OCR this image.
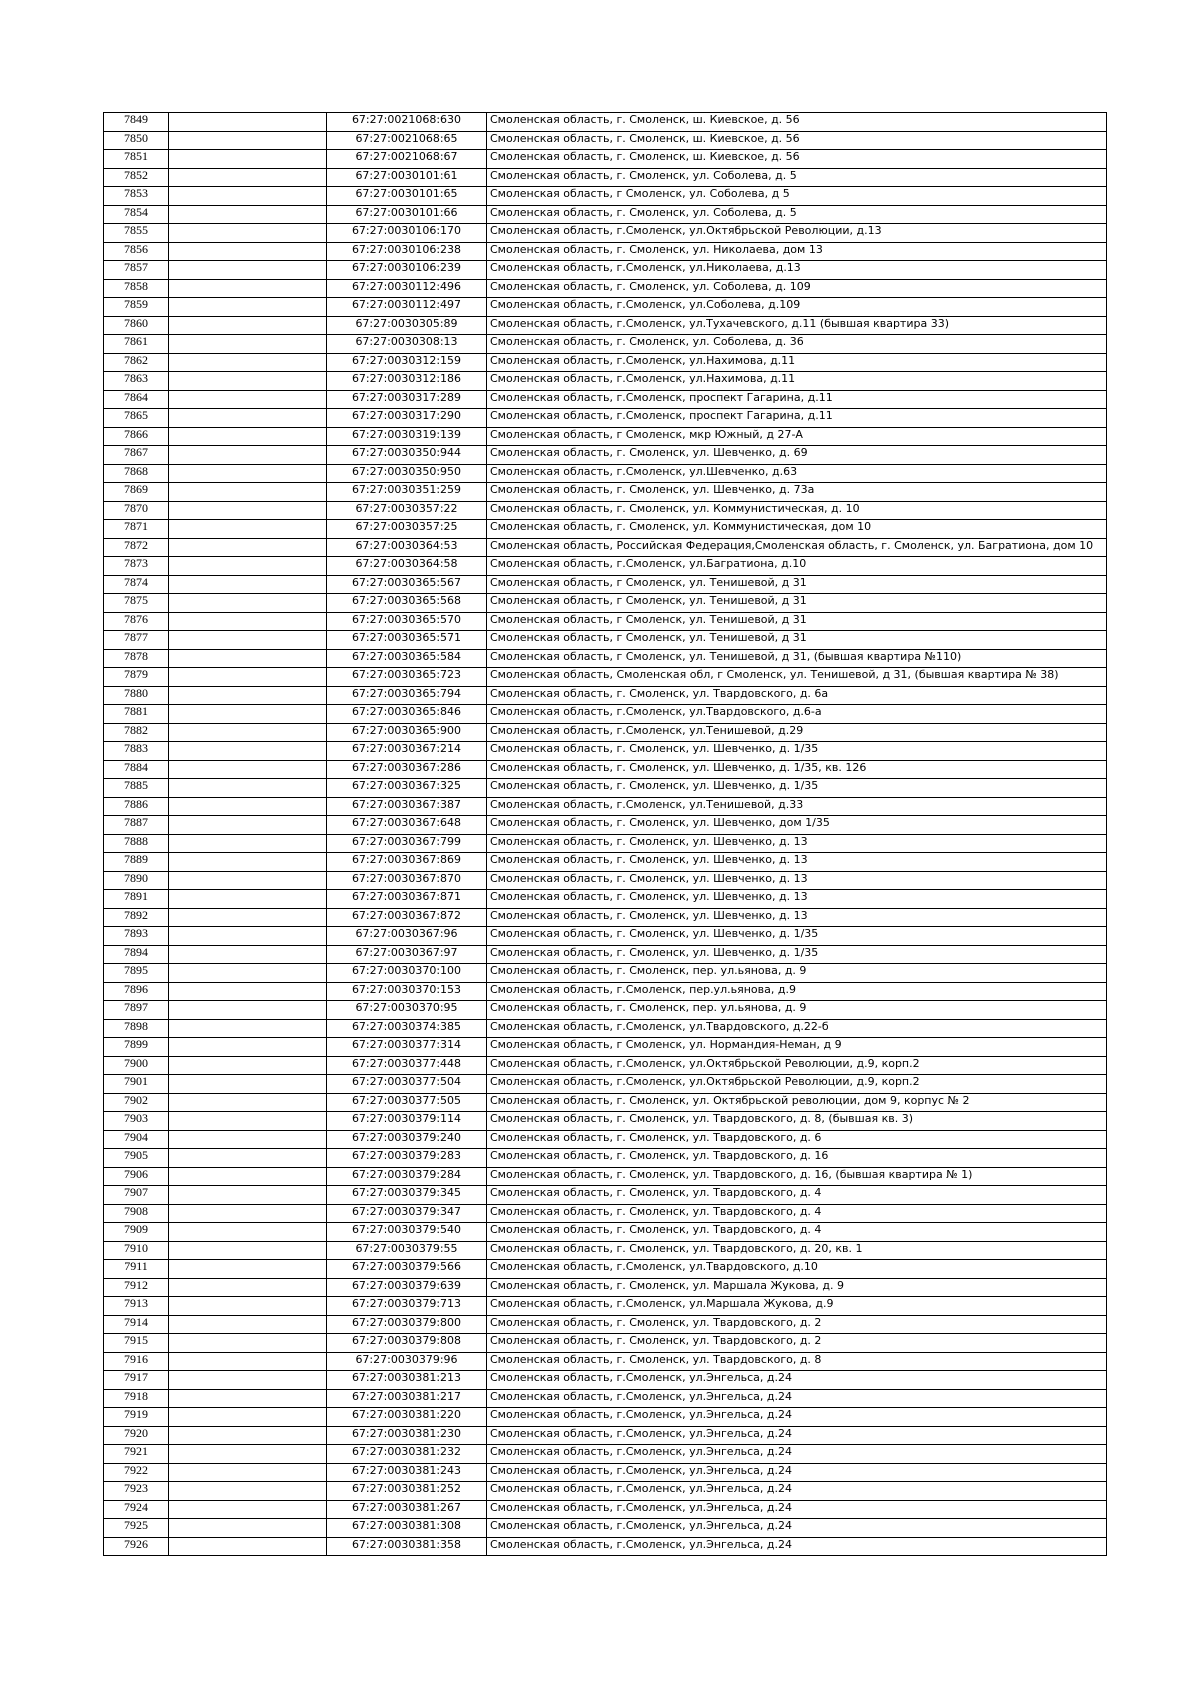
7849		67:27:0021068:630	Смоленская область, г. Смоленск, ш. Киевское, д. 56
7850		67:27:0021068:65	Смоленская область, г. Смоленск, ш. Киевское, д. 56
7851		67:27:0021068:67	Смоленская область, г. Смоленск, ш. Киевское, д. 56
7852		67:27:0030101:61	Смоленская область, г. Смоленск, ул. Соболева, д. 5
7853		67:27:0030101:65	Смоленская область, г Смоленск, ул. Соболева, д 5
7854		67:27:0030101:66	Смоленская область, г. Смоленск, ул. Соболева, д. 5
7855		67:27:0030106:170	Смоленская область, г.Смоленск, ул.Октябрьской Революции, д.13
7856		67:27:0030106:238	Смоленская область, г. Смоленск, ул. Николаева, дом 13
7857		67:27:0030106:239	Смоленская область, г.Смоленск, ул.Николаева, д.13
7858		67:27:0030112:496	Смоленская область, г. Смоленск, ул. Соболева, д. 109
7859		67:27:0030112:497	Смоленская область, г.Смоленск, ул.Соболева, д.109
7860		67:27:0030305:89	Смоленская область, г.Смоленск, ул.Тухачевского, д.11 (бывшая квартира 33)
7861		67:27:0030308:13	Смоленская область, г. Смоленск, ул. Соболева, д. 36
7862		67:27:0030312:159	Смоленская область, г.Смоленск, ул.Нахимова, д.11
7863		67:27:0030312:186	Смоленская область, г.Смоленск, ул.Нахимова, д.11
7864		67:27:0030317:289	Смоленская область, г.Смоленск, проспект Гагарина, д.11
7865		67:27:0030317:290	Смоленская область, г.Смоленск, проспект Гагарина, д.11
7866		67:27:0030319:139	Смоленская область, г Смоленск, мкр Южный, д 27-А
7867		67:27:0030350:944	Смоленская область, г. Смоленск, ул. Шевченко, д. 69
7868		67:27:0030350:950	Смоленская область, г.Смоленск, ул.Шевченко, д.63
7869		67:27:0030351:259	Смоленская область, г. Смоленск, ул. Шевченко, д. 73а
7870		67:27:0030357:22	Смоленская область, г. Смоленск, ул. Коммунистическая, д. 10
7871		67:27:0030357:25	Смоленская область, г. Смоленск, ул. Коммунистическая, дом 10
7872		67:27:0030364:53	Смоленская область, Российская Федерация,Смоленская область, г. Смоленск, ул. Багратиона, дом 10
7873		67:27:0030364:58	Смоленская область, г.Смоленск, ул.Багратиона, д.10
7874		67:27:0030365:567	Смоленская область, г Смоленск, ул. Тенишевой, д 31
7875		67:27:0030365:568	Смоленская область, г Смоленск, ул. Тенишевой, д 31
7876		67:27:0030365:570	Смоленская область, г Смоленск, ул. Тенишевой, д 31
7877		67:27:0030365:571	Смоленская область, г Смоленск, ул. Тенишевой, д 31
7878		67:27:0030365:584	Смоленская область, г Смоленск, ул. Тенишевой, д 31, (бывшая квартира №110)
7879		67:27:0030365:723	Смоленская область, Смоленская обл, г Смоленск, ул. Тенишевой, д 31, (бывшая квартира № 38)
7880		67:27:0030365:794	Смоленская область, г. Смоленск, ул. Твардовского, д. 6а
7881		67:27:0030365:846	Смоленская область, г.Смоленск, ул.Твардовского, д.6-а
7882		67:27:0030365:900	Смоленская область, г.Смоленск, ул.Тенишевой, д.29
7883		67:27:0030367:214	Смоленская область, г. Смоленск, ул. Шевченко, д. 1/35
7884		67:27:0030367:286	Смоленская область, г. Смоленск, ул. Шевченко, д. 1/35, кв. 126
7885		67:27:0030367:325	Смоленская область, г. Смоленск, ул. Шевченко, д. 1/35
7886		67:27:0030367:387	Смоленская область, г.Смоленск, ул.Тенишевой, д.33
7887		67:27:0030367:648	Смоленская область, г. Смоленск, ул. Шевченко, дом 1/35
7888		67:27:0030367:799	Смоленская область, г. Смоленск, ул. Шевченко, д. 13
7889		67:27:0030367:869	Смоленская область, г. Смоленск, ул. Шевченко, д. 13
7890		67:27:0030367:870	Смоленская область, г. Смоленск, ул. Шевченко, д. 13
7891		67:27:0030367:871	Смоленская область, г. Смоленск, ул. Шевченко, д. 13
7892		67:27:0030367:872	Смоленская область, г. Смоленск, ул. Шевченко, д. 13
7893		67:27:0030367:96	Смоленская область, г. Смоленск, ул. Шевченко, д. 1/35
7894		67:27:0030367:97	Смоленская область, г. Смоленск, ул. Шевченко, д. 1/35
7895		67:27:0030370:100	Смоленская область, г. Смоленск, пер. ул.ьянова, д. 9
7896		67:27:0030370:153	Смоленская область, г.Смоленск, пер.ул.ьянова, д.9
7897		67:27:0030370:95	Смоленская область, г. Смоленск, пер. ул.ьянова, д. 9
7898		67:27:0030374:385	Смоленская область, г.Смоленск, ул.Твардовского, д.22-б
7899		67:27:0030377:314	Смоленская область, г Смоленск, ул. Нормандия-Неман, д 9
7900		67:27:0030377:448	Смоленская область, г.Смоленск, ул.Октябрьской Революции, д.9, корп.2
7901		67:27:0030377:504	Смоленская область, г.Смоленск, ул.Октябрьской Революции, д.9, корп.2
7902		67:27:0030377:505	Смоленская область, г. Смоленск, ул. Октябрьской революции, дом 9, корпус № 2
7903		67:27:0030379:114	Смоленская область, г. Смоленск, ул. Твардовского, д. 8, (бывшая кв. 3)
7904		67:27:0030379:240	Смоленская область, г. Смоленск, ул. Твардовского, д. 6
7905		67:27:0030379:283	Смоленская область, г. Смоленск, ул. Твардовского, д. 16
7906		67:27:0030379:284	Смоленская область, г. Смоленск, ул. Твардовского, д. 16, (бывшая квартира № 1)
7907		67:27:0030379:345	Смоленская область, г. Смоленск, ул. Твардовского, д. 4
7908		67:27:0030379:347	Смоленская область, г. Смоленск, ул. Твардовского, д. 4
7909		67:27:0030379:540	Смоленская область, г. Смоленск, ул. Твардовского, д. 4
7910		67:27:0030379:55	Смоленская область, г. Смоленск, ул. Твардовского, д. 20, кв. 1
7911		67:27:0030379:566	Смоленская область, г.Смоленск, ул.Твардовского, д.10
7912		67:27:0030379:639	Смоленская область, г. Смоленск, ул. Маршала Жукова, д. 9
7913		67:27:0030379:713	Смоленская область, г.Смоленск, ул.Маршала Жукова, д.9
7914		67:27:0030379:800	Смоленская область, г. Смоленск, ул. Твардовского, д. 2
7915		67:27:0030379:808	Смоленская область, г. Смоленск, ул. Твардовского, д. 2
7916		67:27:0030379:96	Смоленская область, г. Смоленск, ул. Твардовского, д. 8
7917		67:27:0030381:213	Смоленская область, г.Смоленск, ул.Энгельса, д.24
7918		67:27:0030381:217	Смоленская область, г.Смоленск, ул.Энгельса, д.24
7919		67:27:0030381:220	Смоленская область, г.Смоленск, ул.Энгельса, д.24
7920		67:27:0030381:230	Смоленская область, г.Смоленск, ул.Энгельса, д.24
7921		67:27:0030381:232	Смоленская область, г.Смоленск, ул.Энгельса, д.24
7922		67:27:0030381:243	Смоленская область, г.Смоленск, ул.Энгельса, д.24
7923		67:27:0030381:252	Смоленская область, г.Смоленск, ул.Энгельса, д.24
7924		67:27:0030381:267	Смоленская область, г.Смоленск, ул.Энгельса, д.24
7925		67:27:0030381:308	Смоленская область, г.Смоленск, ул.Энгельса, д.24
7926		67:27:0030381:358	Смоленская область, г.Смоленск, ул.Энгельса, д.24
